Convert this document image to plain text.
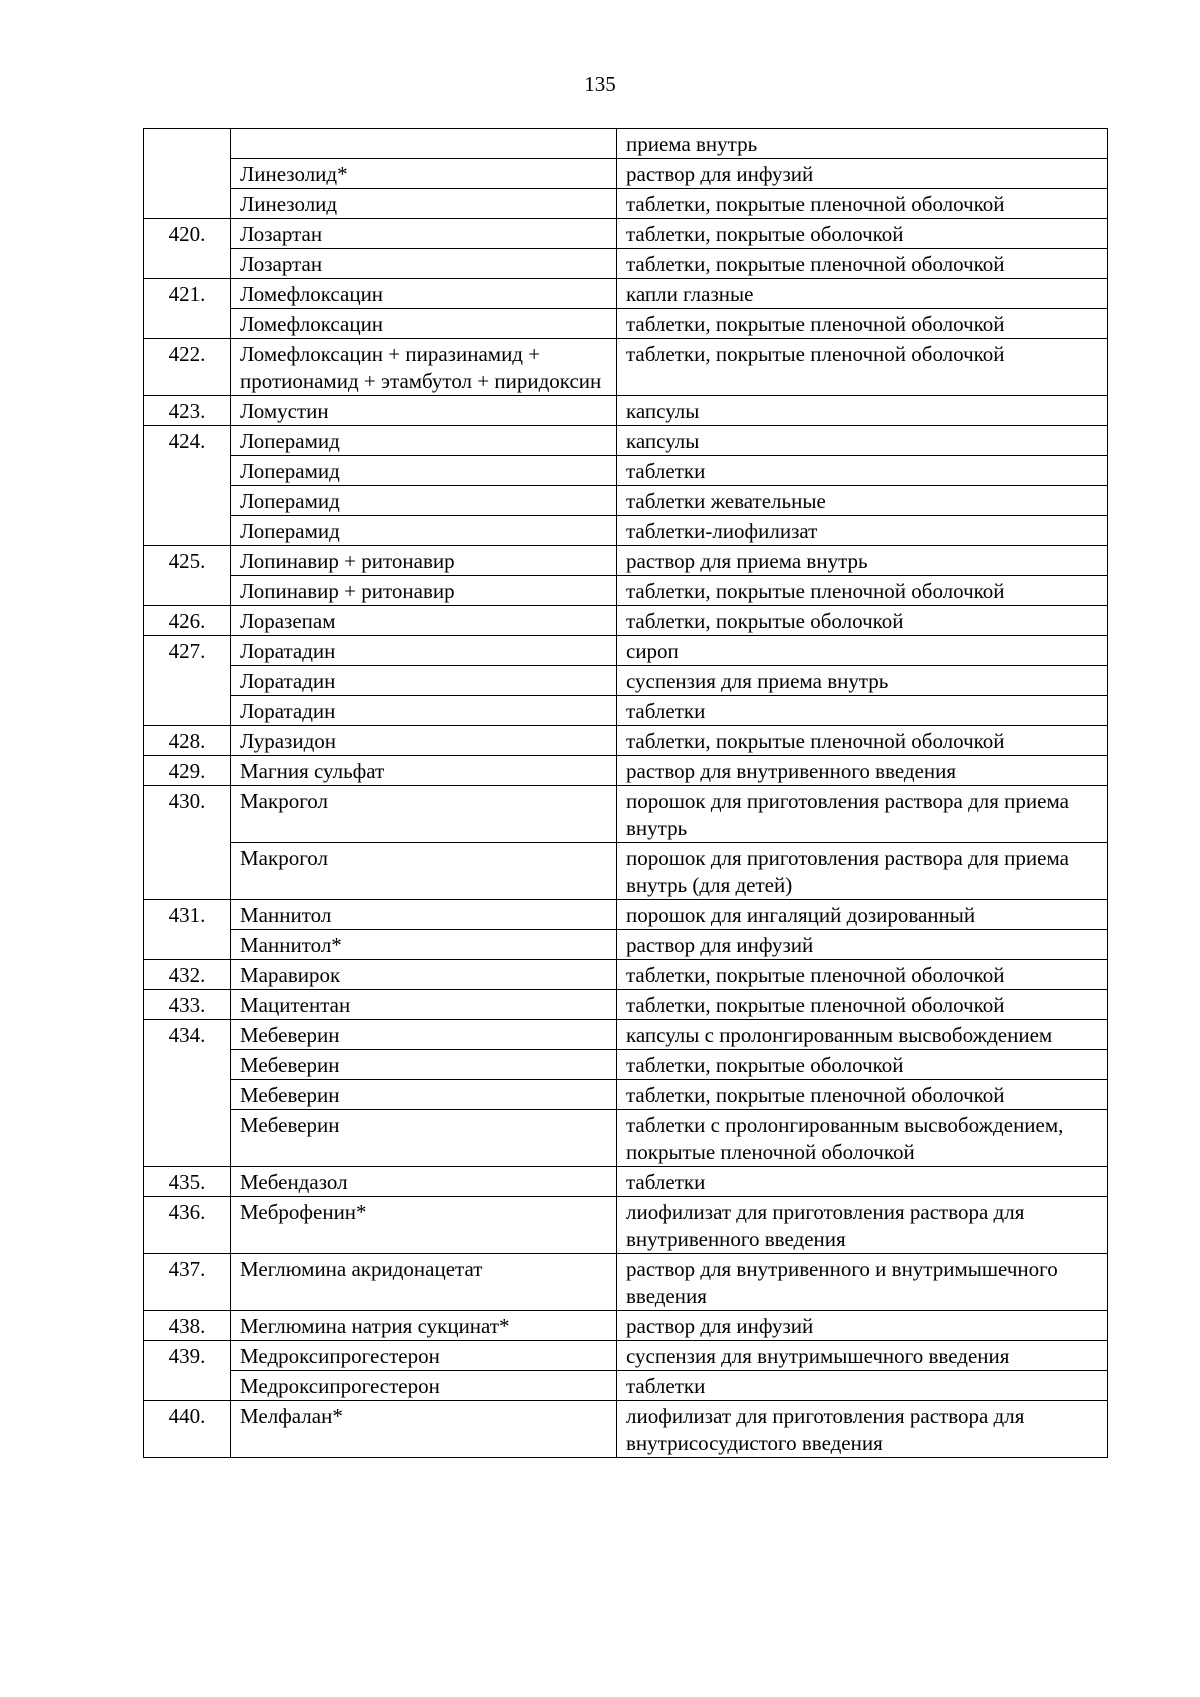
135
		приема внутрь
	Линезолид*	раствор для инфузий
	Линезолид	таблетки, покрытые пленочной оболочкой
420.	Лозартан	таблетки, покрытые оболочкой
	Лозартан	таблетки, покрытые пленочной оболочкой
421.	Ломефлоксацин	капли глазные
	Ломефлоксацин	таблетки, покрытые пленочной оболочкой
422.	Ломефлоксацин + пиразинамид + протионамид + этамбутол + пиридоксин	таблетки, покрытые пленочной оболочкой
423.	Ломустин	капсулы
424.	Лоперамид	капсулы
	Лоперамид	таблетки
	Лоперамид	таблетки жевательные
	Лоперамид	таблетки-лиофилизат
425.	Лопинавир + ритонавир	раствор для приема внутрь
	Лопинавир + ритонавир	таблетки, покрытые пленочной оболочкой
426.	Лоразепам	таблетки, покрытые оболочкой
427.	Лоратадин	сироп
	Лоратадин	суспензия для приема внутрь
	Лоратадин	таблетки
428.	Луразидон	таблетки, покрытые пленочной оболочкой
429.	Магния сульфат	раствор для внутривенного введения
430.	Макрогол	порошок для приготовления раствора для приема внутрь
	Макрогол	порошок для приготовления раствора для приема внутрь (для детей)
431.	Маннитол	порошок для ингаляций дозированный
	Маннитол*	раствор для инфузий
432.	Маравирок	таблетки, покрытые пленочной оболочкой
433.	Мацитентан	таблетки, покрытые пленочной оболочкой
434.	Мебеверин	капсулы с пролонгированным высвобождением
	Мебеверин	таблетки, покрытые оболочкой
	Мебеверин	таблетки, покрытые пленочной оболочкой
	Мебеверин	таблетки с пролонгированным высвобождением, покрытые пленочной оболочкой
435.	Мебендазол	таблетки
436.	Меброфенин*	лиофилизат для приготовления раствора для внутривенного введения
437.	Меглюмина акридонацетат	раствор для внутривенного и внутримышечного введения
438.	Меглюмина натрия сукцинат*	раствор для инфузий
439.	Медроксипрогестерон	суспензия для внутримышечного введения
	Медроксипрогестерон	таблетки
440.	Мелфалан*	лиофилизат для приготовления раствора для внутрисосудистого введения
